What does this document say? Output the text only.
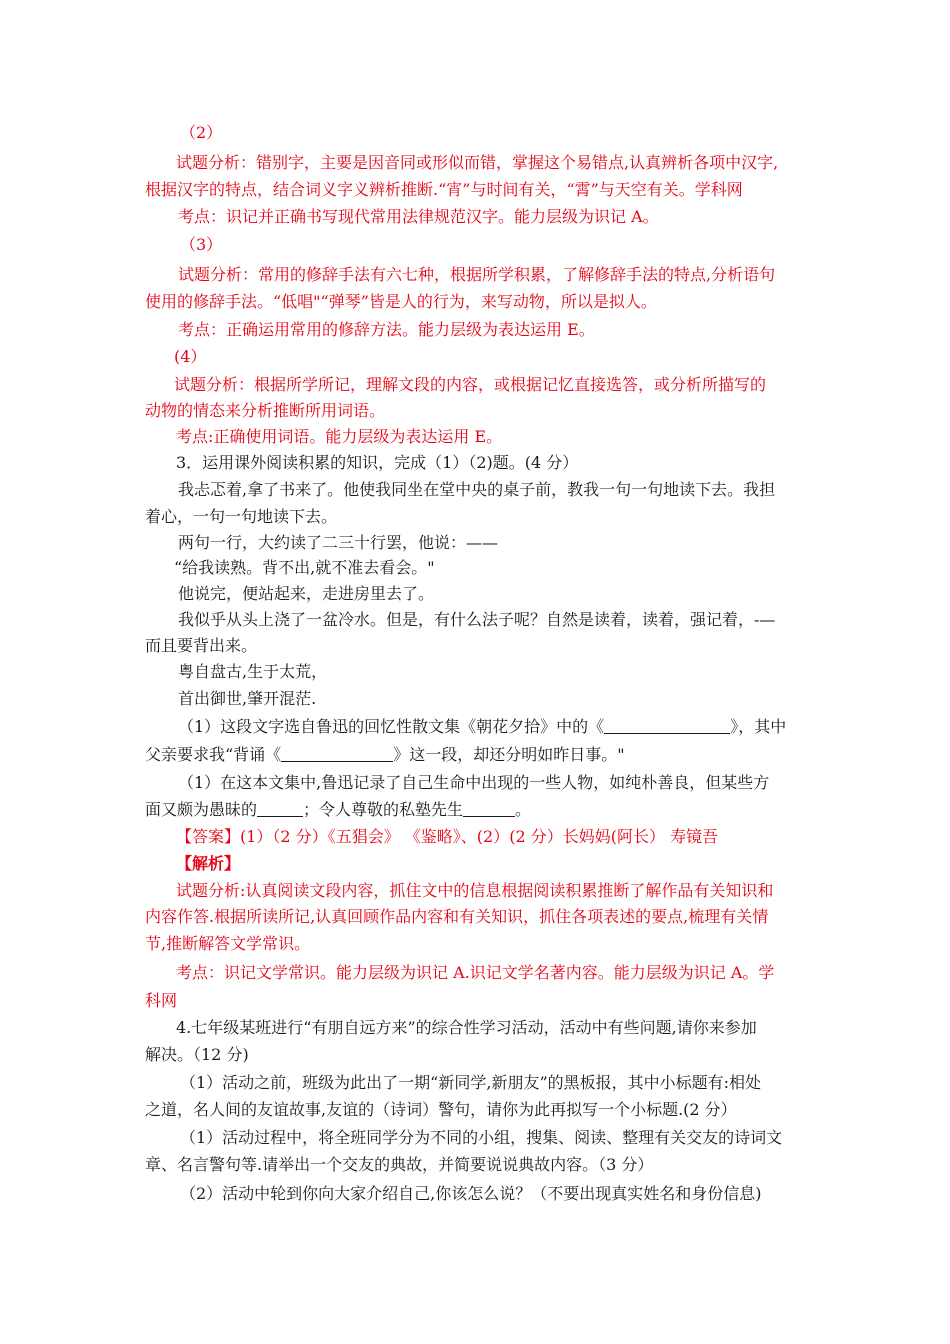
（2）
试题分析：错别字，主要是因音同或形似而错，掌握这个易错点,认真辨析各项中汉字,
根据汉字的特点，结合词义字义辨析推断.“宵”与时间有关，“霄”与天空有关。学科网
考点：识记并正确书写现代常用法律规范汉字。能力层级为识记 A。
（3）
试题分析：常用的修辞手法有六七种，根据所学积累，了解修辞手法的特点,分析语句
使用的修辞手法。“低唱"“弹琴”皆是人的行为，来写动物，所以是拟人。
考点：正确运用常用的修辞方法。能力层级为表达运用 E。
(4）
试题分析：根据所学所记，理解文段的内容，或根据记忆直接选答，或分析所描写的
动物的情态来分析推断所用词语。
考点:正确使用词语。能力层级为表达运用 E。
3．运用课外阅读积累的知识，完成（1）（2)题。(4 分）
我忐忑着,拿了书来了。他使我同坐在堂中央的桌子前，教我一句一句地读下去。我担
着心，一句一句地读下去。
两句一行，大约读了二三十行罢，他说：——
“给我读熟。背不出,就不准去看会。"
他说完，便站起来，走进房里去了。
我似乎从头上浇了一盆冷水。但是，有什么法子呢？自然是读着，读着，强记着，-—
而且要背出来。
粤自盘古,生于太荒，
首出御世,肇开混茫.
（1）这段文字选自鲁迅的回忆性散文集《朝花夕拾》中的《	》，其中
父亲要求我“背诵《	》这一段，却还分明如昨日事。"
（1）在这本文集中,鲁迅记录了自己生命中出现的一些人物，如纯朴善良，但某些方
面又颇为愚昧的	；令人尊敬的私塾先生	。
【答案】(1）（2 分）《五猖会》 《鉴略》、(2）(2 分）长妈妈(阿长） 寿镜吾
【解析】
试题分析:认真阅读文段内容，抓住文中的信息根据阅读积累推断了解作品有关知识和
内容作答.根据所读所记,认真回顾作品内容和有关知识，抓住各项表述的要点,梳理有关情
节,推断解答文学常识。
考点：识记文学常识。能力层级为识记 A.识记文学名著内容。能力层级为识记 A。学
科网
4.七年级某班进行“有朋自远方来”的综合性学习活动，活动中有些问题,请你来参加
解决。（12 分)
（1）活动之前，班级为此出了一期“新同学,新朋友”的黑板报，其中小标题有:相处
之道，名人间的友谊故事,友谊的（诗词）警句，请你为此再拟写一个小标题.(2 分）
（1）活动过程中，将全班同学分为不同的小组，搜集、阅读、整理有关交友的诗词文
章、名言警句等.请举出一个交友的典故，并简要说说典故内容。（3 分）
（2）活动中轮到你向大家介绍自己,你该怎么说？（不要出现真实姓名和身份信息)
